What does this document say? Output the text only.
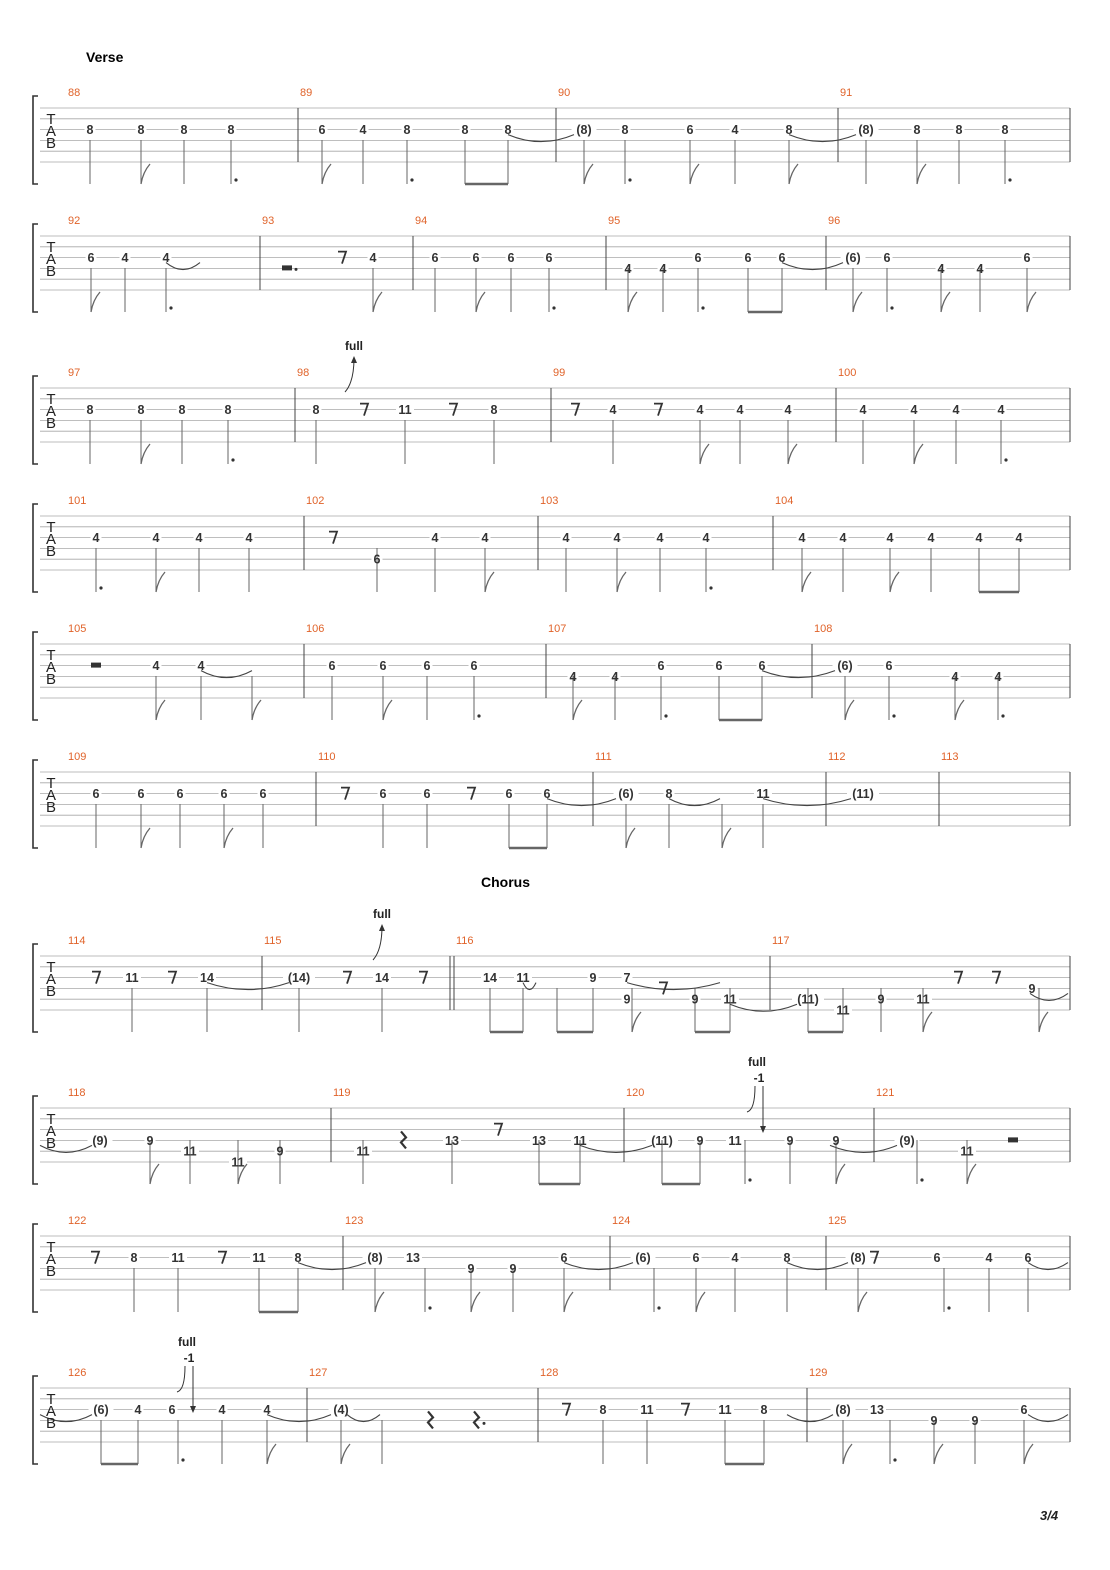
Verse
T
A
B
88
8	8	8	8
89
6	4	8	8	8
90
(8) 8	6	4	8
91
(8)	8	8	8
T
A
B
92
6 4	4
93
4
94
6	6 6 6
95
4 4
6	6 6
96
(6) 6
4	4
6
T
A
B
97
8	8	8	8
98
8	11	8
99
4	4	4	4
100
4	4	4	4
T
A
B
101
4	4	4	4
102
6
4	4
103
4	4	4	4
104
4	4	4	4	4	4
T
A
B
105
4	4
106
6	6	6	6
107
4	4
6	6	6
108
(6)	6
4	4
T
A
B
109
6	6	6	6	6
110
6	6	6 6
111
(6)	8	11
112
(11)
113
Chorus
T
A
B
114
11	14
115
(14)	14
116
14 11	9 7
9	9 11
117
(11)
11
9	11
9
T
A
B
118
(9)	9
11
11
9
119
11
13	13 11
120
(11) 9 11	9	9
121
(9)
11
T
A
B
122
8	11	11 8
123
(8) 13
9	9
6
124
(6)	6	4	8
125
(8)	6	4	6
T
A
B
126
(6) 4 6	4	4
127
(4)
128
8	11	11 8
129
(8) 13
9	9
6
full
full
full
-1
full
-1
3/4
